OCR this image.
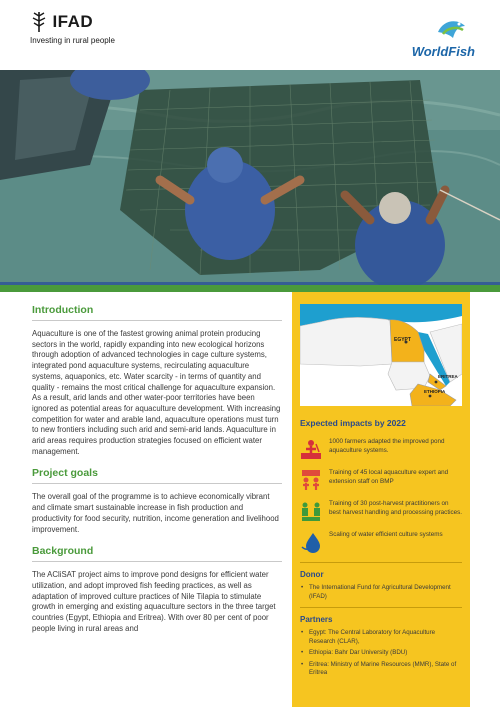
IFAD
Investing in rural people
WorldFish
Introduction

Aquaculture is one of the fastest growing animal protein producing sectors in the world, rapidly expanding into new ecological horizons through adoption of advanced technologies in cage culture systems, integrated pond aquaculture systems, recirculating aquaculture systems, aquaponics, etc. Water scarcity - in terms of quantity and quality - remains the most critical challenge for aquaculture expansion. As a result, arid lands and other water-poor territories have been ignored as potential areas for aquaculture development. With increasing competition for water and arable land, aquaculture operations must turn to new frontiers including such arid and semi-arid lands. Aquaculture in arid areas requires production strategies focused on efficient water management.

Project goals

The overall goal of the programme is to achieve economically vibrant and climate smart sustainable increase in fish production and productivity for food security, nutrition, income generation and livelihood improvement.

Background

The ACliSAT project aims to improve pond designs for efficient water utilization, and adopt improved fish feeding practices, as well as adaptation of improved culture practices of Nile Tilapia to stimulate growth in emerging and existing aquaculture sectors in the three target countries (Egypt, Ethiopia and Eritrea). With over 80 per cent of poor people living in rural areas and

EGYPT
ERITREA
ETHIOPIA
Expected impacts by 2022
1000 farmers adapted the improved pond aquaculture systems.
Training of 45 local aquaculture expert and extension staff on BMP
Training of 30 post-harvest practitioners on best harvest handling and processing practices.
Scaling of water efficient culture systems
Donor
• The International Fund for Agricultural Development (IFAD)
Partners
• Egypt: The Central Laboratory for Aquaculture Research (CLAR),
• Ethiopia: Bahr Dar University (BDU)
• Eritrea: Ministry of Marine Resources (MMR), State of Eritrea
